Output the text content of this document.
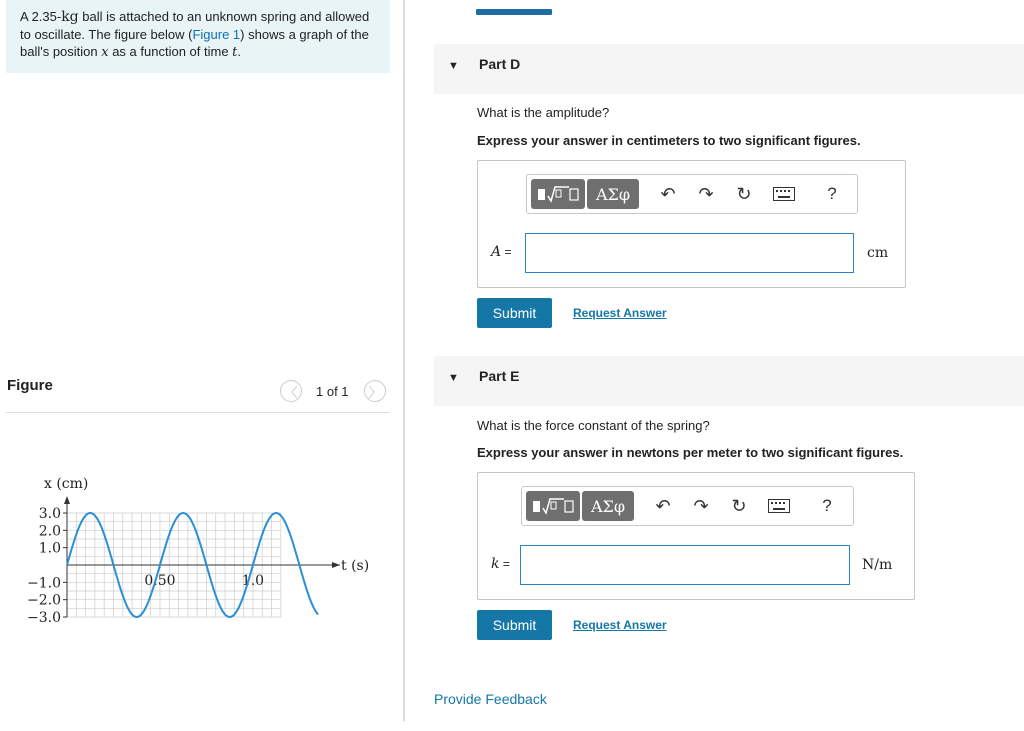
A 2.35-kg ball is attached to an unknown spring and allowed to oscillate. The figure below (Figure 1) shows a graph of the ball's position x as a function of time t.
Figure	〈 1 of 1 〉
3.0
2.0
1.0
−1.0
−2.0
−3.0
0.50	1.0
x (cm)
t (s)
▼ Part D
What is the amplitude?
Express your answer in centimeters to two significant figures.
ΑΣφ ↶ ↷ ↻	?
A =	cm
Submit	Request Answer
▼ Part E
What is the force constant of the spring?
Express your answer in newtons per meter to two significant figures.
ΑΣφ ↶ ↷ ↻	?
k =	N/m
Submit	Request Answer
Provide Feedback
